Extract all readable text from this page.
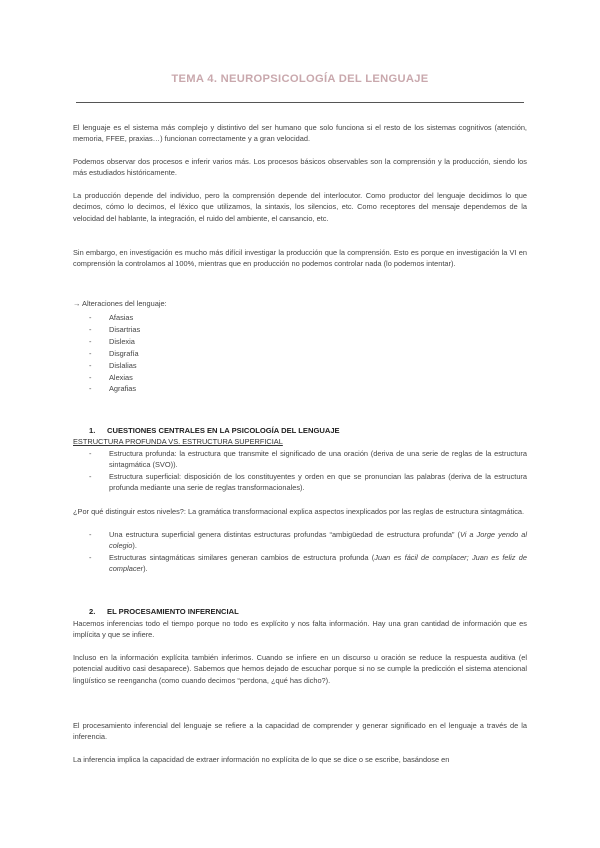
TEMA 4. NEUROPSICOLOGÍA DEL LENGUAJE

El lenguaje es el sistema más complejo y distintivo del ser humano que solo funciona si el resto de los sistemas cognitivos (atención, memoria, FFEE, praxias…) funcionan correctamente y a gran velocidad.

Podemos observar dos procesos e inferir varios más. Los procesos básicos observables son la comprensión y la producción, siendo los más estudiados históricamente.

La producción depende del individuo, pero la comprensión depende del interlocutor. Como productor del lenguaje decidimos lo que decimos, cómo lo decimos, el léxico que utilizamos, la sintaxis, los silencios, etc. Como receptores del mensaje dependemos de la velocidad del hablante, la integración, el ruido del ambiente, el cansancio, etc.

Sin embargo, en investigación es mucho más difícil investigar la producción que la comprensión. Esto es porque en investigación la VI en comprensión la controlamos al 100%, mientras que en producción no podemos controlar nada (lo podemos intentar).

→ Alteraciones del lenguaje:
- Afasias
- Disartrias
- Dislexia
- Disgrafía
- Dislalias
- Alexias
- Agrafias
1. CUESTIONES CENTRALES EN LA PSICOLOGÍA DEL LENGUAJE
ESTRUCTURA PROFUNDA VS. ESTRUCTURA SUPERFICIAL
- Estructura profunda: la estructura que transmite el significado de una oración (deriva de una serie de reglas de la estructura sintagmática (SVO)).
- Estructura superficial: disposición de los constituyentes y orden en que se pronuncian las palabras (deriva de la estructura profunda mediante una serie de reglas transformacionales).

¿Por qué distinguir estos niveles?: La gramática transformacional explica aspectos inexplicados por las reglas de estructura sintagmática.

- Una estructura superficial genera distintas estructuras profundas “ambigüedad de estructura profunda” (Vi a Jorge yendo al colegio).
- Estructuras sintagmáticas similares generan cambios de estructura profunda (Juan es fácil de complacer; Juan es feliz de complacer).
2. EL PROCESAMIENTO INFERENCIAL

Hacemos inferencias todo el tiempo porque no todo es explícito y nos falta información. Hay una gran cantidad de información que es implícita y que se infiere.

Incluso en la información explícita también inferimos. Cuando se infiere en un discurso u oración se reduce la respuesta auditiva (el potencial auditivo casi desaparece). Sabemos que hemos dejado de escuchar porque si no se cumple la predicción el sistema atencional lingüístico se reengancha (como cuando decimos “perdona, ¿qué has dicho?).

El procesamiento inferencial del lenguaje se refiere a la capacidad de comprender y generar significado en el lenguaje a través de la inferencia.

La inferencia implica la capacidad de extraer información no explícita de lo que se dice o se escribe, basándose en
